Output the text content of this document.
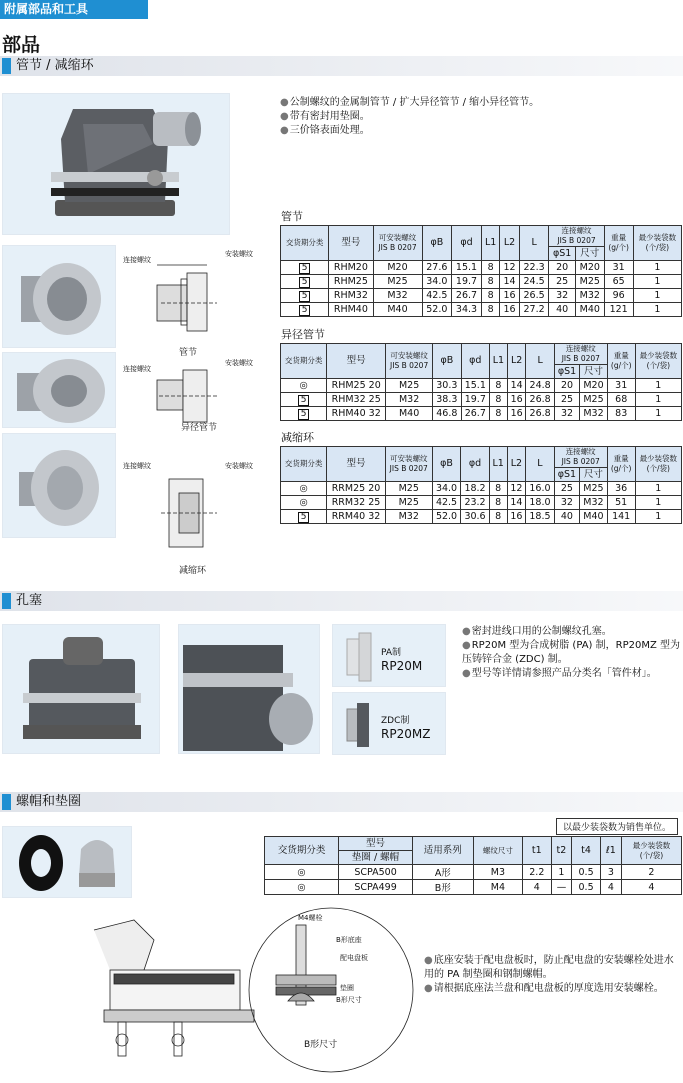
附属部品和工具
部品
管节 / 减缩环
● 公制螺纹的金属制管节 / 扩大异径管节 / 缩小异径管节。
● 带有密封用垫圈。
● 三价铬表面处理。
连接螺纹
安装螺纹
管节
连接螺纹
安装螺纹
异径管节
连接螺纹	安装螺纹
减缩环
管节
交货期分类	型号	可安装螺纹
JIS B 0207	φB	φd	L1	L2	L	连接螺纹
JIS B 0207		重量
(g/个)	最少装袋数
(个/袋)
								φS1	尺寸		
5	RHM20	M20	27.6	15.1	8	12	22.3	20	M20	31	1
5	RHM25	M25	34.0	19.7	8	14	24.5	25	M25	65	1
5	RHM32	M32	42.5	26.7	8	16	26.5	32	M32	96	1
5	RHM40	M40	52.0	34.3	8	16	27.2	40	M40	121	1
异径管节
交货期分类	型号	可安装螺纹
JIS B 0207	φB	φd	L1	L2	L	连接螺纹
JIS B 0207		重量
(g/个)	最少装袋数
(个/袋)
								φS1	尺寸		
◎	RHM25 20	M25	30.3	15.1	8	14	24.8	20	M20	31	1
5	RHM32 25	M32	38.3	19.7	8	16	26.8	25	M25	68	1
5	RHM40 32	M40	46.8	26.7	8	16	26.8	32	M32	83	1
减缩环
交货期分类	型号	可安装螺纹
JIS B 0207	φB	φd	L1	L2	L	连接螺纹
JIS B 0207		重量
(g/个)	最少装袋数
(个/袋)
								φS1	尺寸		
◎	RRM25 20	M25	34.0	18.2	8	12	16.0	25	M25	36	1
◎	RRM32 25	M25	42.5	23.2	8	14	18.0	32	M32	51	1
5	RRM40 32	M32	52.0	30.6	8	16	18.5	40	M40	141	1
孔塞
PA制
RP20M
ZDC制
RP20MZ
● 密封进线口用的公制螺纹孔塞。
● RP20M 型为合成树脂 (PA) 制，RP20MZ 型为压铸锌合金 (ZDC) 制。
● 型号等详情请参照产品分类名「管件材」。
螺帽和垫圈
以最少装袋数为销售单位。
交货期分类	型号	适用系列	螺纹尺寸	t1	t2	t4	ℓ1	最少装袋数
(个/袋)
	垫圈 / 螺帽							
◎	SCPA500	A形	M3	2.2	1	0.5	3	2
◎	SCPA499	B形	M4	4	—	0.5	4	4
M4螺栓
B形底座
配电盘板
垫圈
B形尺寸
B形尺寸
● 底座安装于配电盘板时，防止配电盘的安装螺栓处进水用的 PA 制垫圈和钢制螺帽。
● 请根据底座法兰盘和配电盘板的厚度选用安装螺栓。
